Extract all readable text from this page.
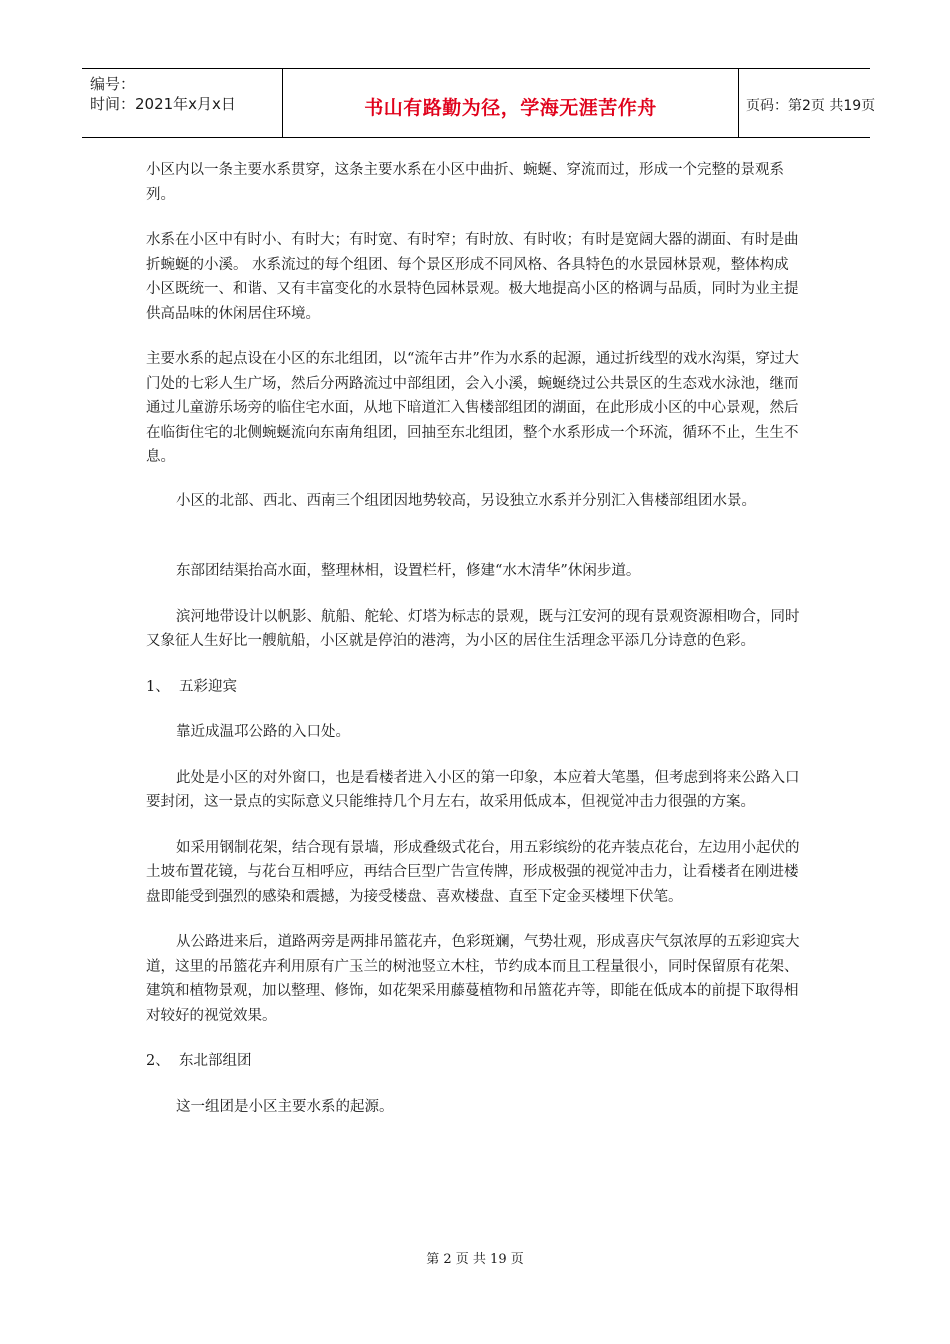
编号：
时间：2021年x月x日	书山有路勤为径，学海无涯苦作舟	页码：第2页 共19页

小区内以一条主要水系贯穿，这条主要水系在小区中曲折、蜿蜒、穿流而过，形成一个完整的景观系列。

水系在小区中有时小、有时大；有时宽、有时窄；有时放、有时收；有时是宽阔大器的湖面、有时是曲折蜿蜒的小溪。 水系流过的每个组团、每个景区形成不同风格、各具特色的水景园林景观，整体构成小区既统一、和谐、又有丰富变化的水景特色园林景观。极大地提高小区的格调与品质，同时为业主提供高品味的休闲居住环境。

主要水系的起点设在小区的东北组团，以“流年古井”作为水系的起源，通过折线型的戏水沟渠，穿过大门处的七彩人生广场，然后分两路流过中部组团，会入小溪，蜿蜒绕过公共景区的生态戏水泳池，继而通过儿童游乐场旁的临住宅水面，从地下暗道汇入售楼部组团的湖面，在此形成小区的中心景观，然后在临街住宅的北侧蜿蜒流向东南角组团，回抽至东北组团，整个水系形成一个环流，循环不止，生生不息。

小区的北部、西北、西南三个组团因地势较高，另设独立水系并分别汇入售楼部组团水景。

东部团结渠抬高水面，整理林相，设置栏杆，修建“水木清华”休闲步道。

滨河地带设计以帆影、航船、舵轮、灯塔为标志的景观，既与江安河的现有景观资源相吻合，同时又象征人生好比一艘航船，小区就是停泊的港湾，为小区的居住生活理念平添几分诗意的色彩。

1、  五彩迎宾

靠近成温邛公路的入口处。

此处是小区的对外窗口，也是看楼者进入小区的第一印象，本应着大笔墨，但考虑到将来公路入口要封闭，这一景点的实际意义只能维持几个月左右，故采用低成本，但视觉冲击力很强的方案。

如采用钢制花架，结合现有景墙，形成叠级式花台，用五彩缤纷的花卉装点花台，左边用小起伏的土坡布置花镜，与花台互相呼应，再结合巨型广告宣传牌，形成极强的视觉冲击力，让看楼者在刚进楼盘即能受到强烈的感染和震撼，为接受楼盘、喜欢楼盘、直至下定金买楼埋下伏笔。

从公路进来后，道路两旁是两排吊篮花卉，色彩斑斓，气势壮观，形成喜庆气氛浓厚的五彩迎宾大道，这里的吊篮花卉利用原有广玉兰的树池竖立木柱，节约成本而且工程量很小，同时保留原有花架、建筑和植物景观，加以整理、修饰，如花架采用藤蔓植物和吊篮花卉等，即能在低成本的前提下取得相对较好的视觉效果。

2、  东北部组团

这一组团是小区主要水系的起源。

第 2 页 共 19 页
